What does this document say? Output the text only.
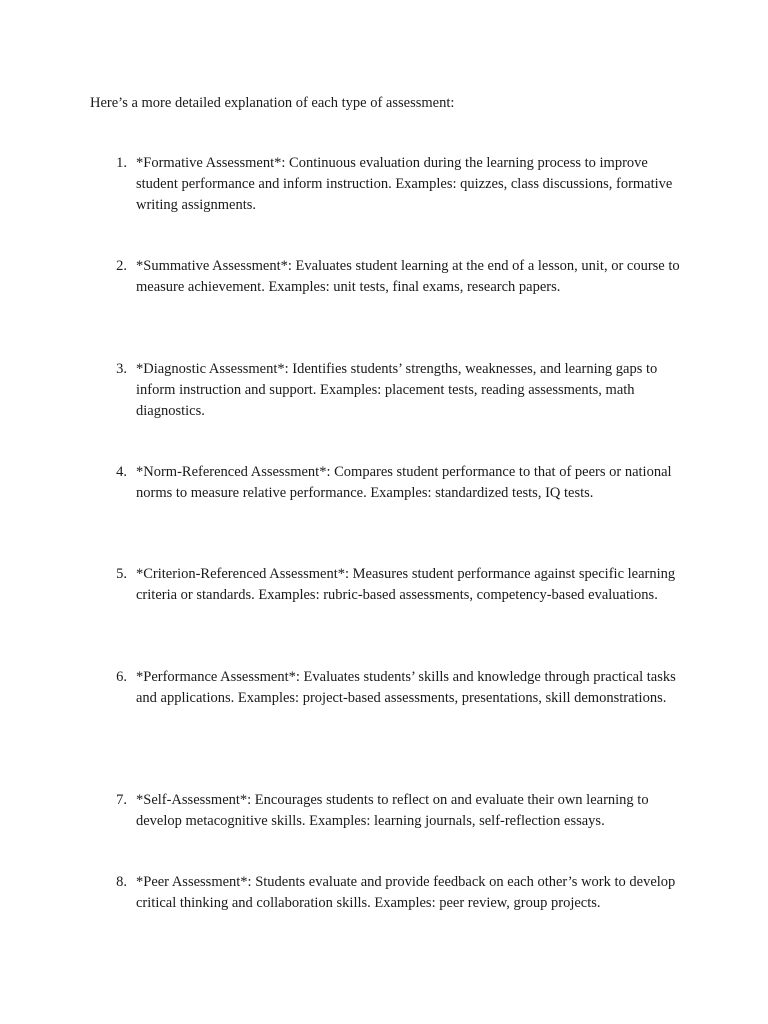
Here’s a more detailed explanation of each type of assessment:

1. *Formative Assessment*: Continuous evaluation during the learning process to improve student performance and inform instruction. Examples: quizzes, class discussions, formative writing assignments.
2. *Summative Assessment*: Evaluates student learning at the end of a lesson, unit, or course to measure achievement. Examples: unit tests, final exams, research papers.
3. *Diagnostic Assessment*: Identifies students’ strengths, weaknesses, and learning gaps to inform instruction and support. Examples: placement tests, reading assessments, math diagnostics.
4. *Norm-Referenced Assessment*: Compares student performance to that of peers or national norms to measure relative performance. Examples: standardized tests, IQ tests.
5. *Criterion-Referenced Assessment*: Measures student performance against specific learning criteria or standards. Examples: rubric-based assessments, competency-based evaluations.
6. *Performance Assessment*: Evaluates students’ skills and knowledge through practical tasks and applications. Examples: project-based assessments, presentations, skill demonstrations.
7. *Self-Assessment*: Encourages students to reflect on and evaluate their own learning to develop metacognitive skills. Examples: learning journals, self-reflection essays.
8. *Peer Assessment*: Students evaluate and provide feedback on each other’s work to develop critical thinking and collaboration skills. Examples: peer review, group projects.
